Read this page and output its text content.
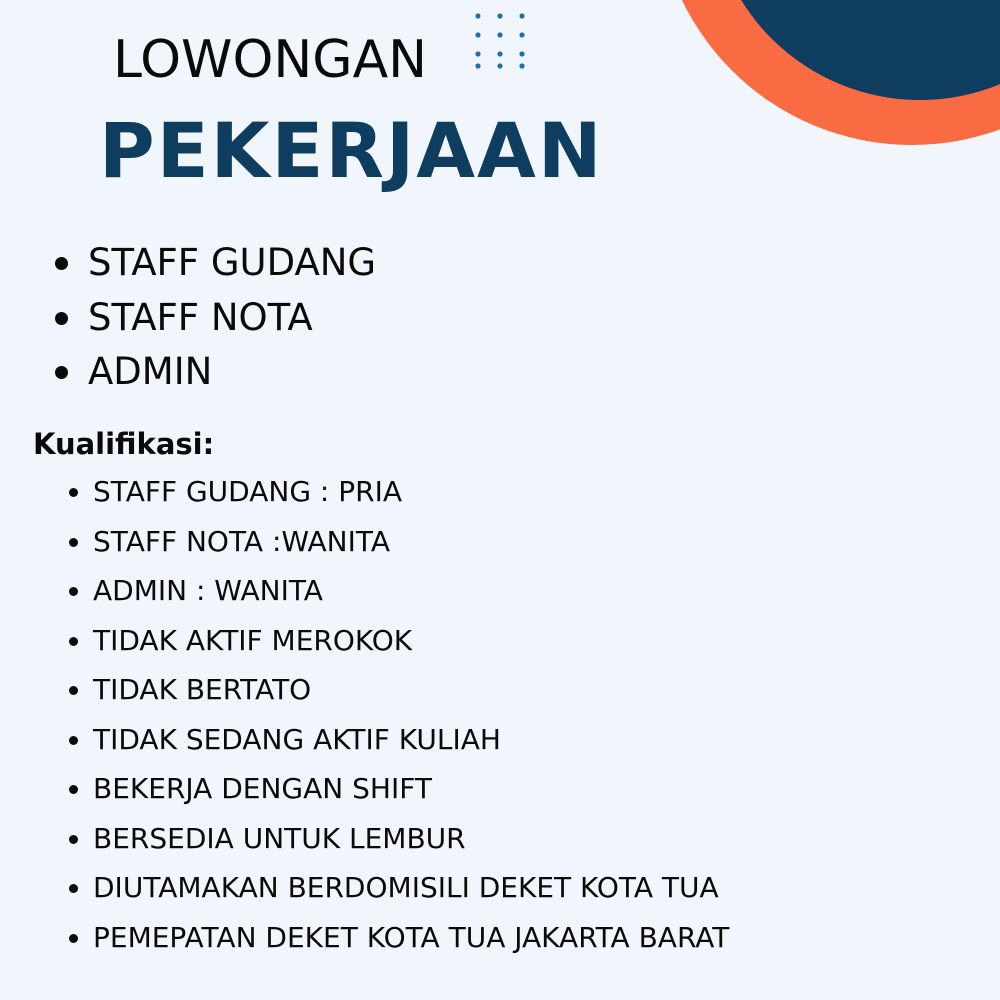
LOWONGAN
PEKERJAAN
STAFF GUDANG
STAFF NOTA
ADMIN
Kualifikasi:
STAFF GUDANG : PRIA
STAFF NOTA :WANITA
ADMIN : WANITA
TIDAK AKTIF MEROKOK
TIDAK BERTATO
TIDAK SEDANG AKTIF KULIAH
BEKERJA DENGAN SHIFT
BERSEDIA UNTUK LEMBUR
DIUTAMAKAN BERDOMISILI DEKET KOTA TUA
PEMEPATAN DEKET KOTA TUA JAKARTA BARAT
